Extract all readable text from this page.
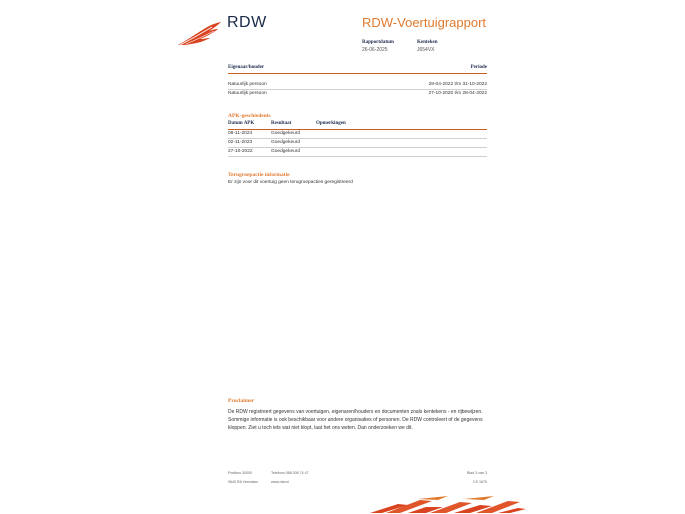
RDW	RDW-Voertuigrapport
Rapportdatum
26-06-2025
Kenteken
J654VX
Eigenaar/houder	Periode
Natuurlijk persoon	28-04-2022 t/m 31-10-2022
Natuurlijk persoon	27-10-2020 t/m 28-04-2022
APK-geschiedenis
Datum APK	Resultaat	Opmerkingen
08-11-2024	Goedgekeurd
02-11-2023	Goedgekeurd
27-10-2022	Goedgekeurd
Terugroepactie informatie
Er zijn voor dit voertuig geen terugroepacties geregistreerd
Proclaimer
De RDW registreert gegevens van voertuigen, eigenaren/houders en documenten zoals kentekens - en rijbewijzen. Sommige informatie is ook beschikbaar voor andere organisaties of personen. De RDW controleert of de gegevens kloppen. Ziet u toch iets wat niet klopt, laat het ons weten. Dan onderzoeken we dit.
Postbus 30000
9640 RA Veendam
Telefoon 088 008 74 47
www.rdw.nl
Blad 3 van 3
3 E 1679
